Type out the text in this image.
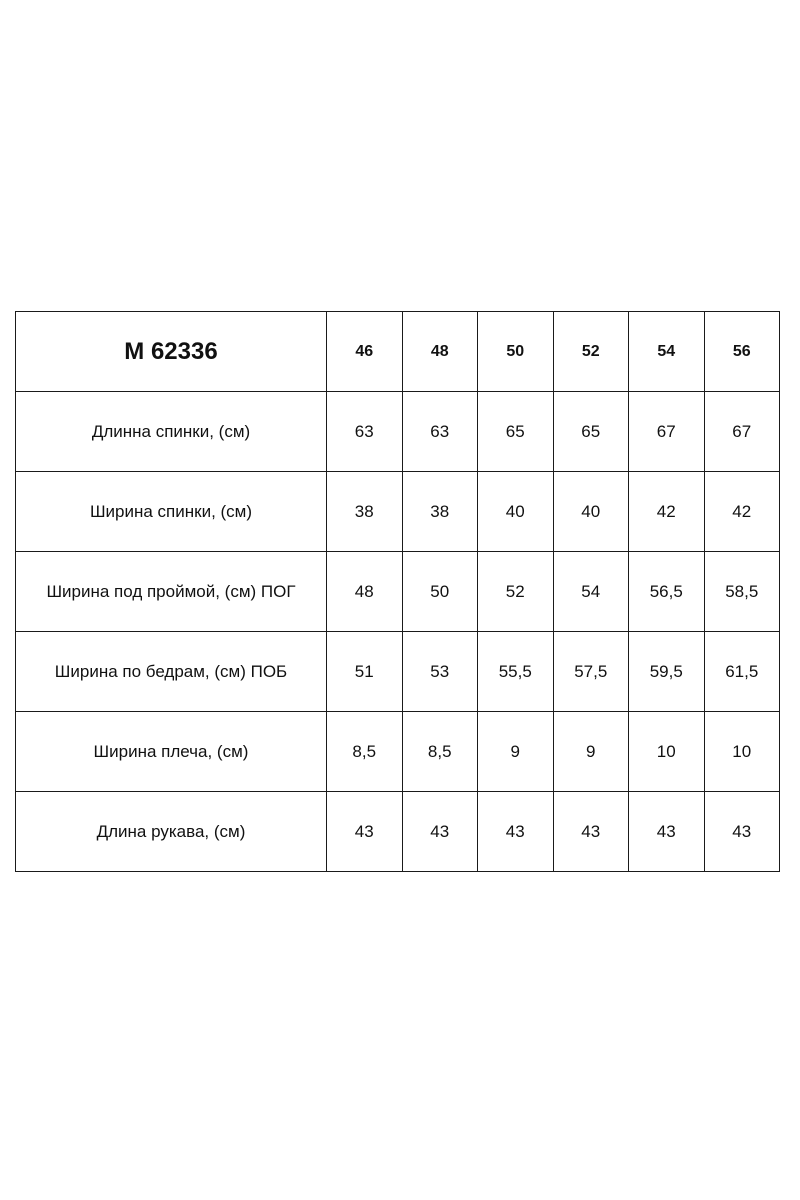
M 62336	46	48	50	52	54	56
Длинна спинки, (см)	63	63	65	65	67	67
Ширина спинки, (см)	38	38	40	40	42	42
Ширина под проймой, (см) ПОГ	48	50	52	54	56,5	58,5
Ширина по бедрам, (см) ПОБ	51	53	55,5	57,5	59,5	61,5
Ширина плеча, (см)	8,5	8,5	9	9	10	10
Длина рукава, (см)	43	43	43	43	43	43
